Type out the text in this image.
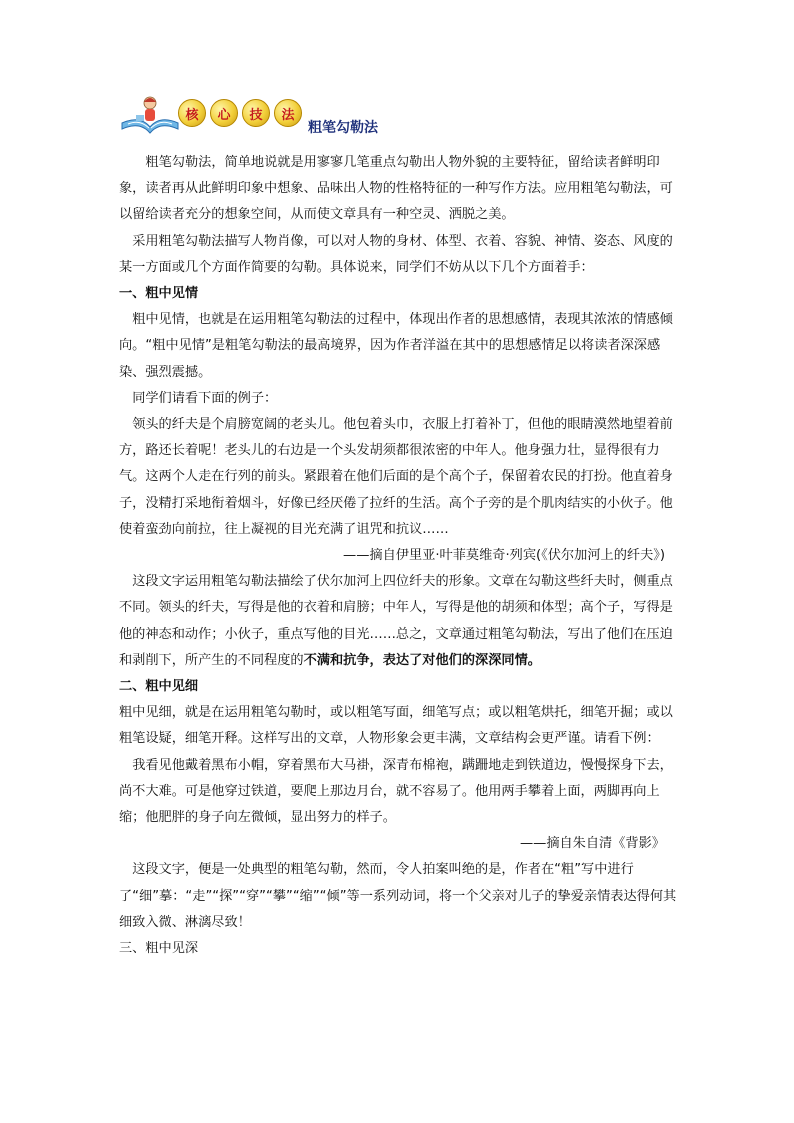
核	心	技	法
粗笔勾勒法

粗笔勾勒法，简单地说就是用寥寥几笔重点勾勒出人物外貌的主要特征，留给读者鲜明印象，读者再从此鲜明印象中想象、品味出人物的性格特征的一种写作方法。应用粗笔勾勒法，可以留给读者充分的想象空间，从而使文章具有一种空灵、洒脱之美。

采用粗笔勾勒法描写人物肖像，可以对人物的身材、体型、衣着、容貌、神情、姿态、风度的某一方面或几个方面作简要的勾勒。具体说来，同学们不妨从以下几个方面着手：

一、粗中见情

粗中见情，也就是在运用粗笔勾勒法的过程中，体现出作者的思想感情，表现其浓浓的情感倾向。“粗中见情”是粗笔勾勒法的最高境界，因为作者洋溢在其中的思想感情足以将读者深深感染、强烈震撼。

同学们请看下面的例子：

领头的纤夫是个肩膀宽阔的老头儿。他包着头巾，衣服上打着补丁，但他的眼睛漠然地望着前方，路还长着呢！老头儿的右边是一个头发胡须都很浓密的中年人。他身强力壮，显得很有力气。这两个人走在行列的前头。紧跟着在他们后面的是个高个子，保留着农民的打扮。他直着身子，没精打采地衔着烟斗，好像已经厌倦了拉纤的生活。高个子旁的是个肌肉结实的小伙子。他使着蛮劲向前拉，往上凝视的目光充满了诅咒和抗议……

——摘自伊里亚·叶菲莫维奇·列宾(《伏尔加河上的纤夫》)

这段文字运用粗笔勾勒法描绘了伏尔加河上四位纤夫的形象。文章在勾勒这些纤夫时，侧重点不同。领头的纤夫，写得是他的衣着和肩膀；中年人，写得是他的胡须和体型；高个子，写得是他的神态和动作；小伙子，重点写他的目光……总之，文章通过粗笔勾勒法，写出了他们在压迫和剥削下，所产生的不同程度的不满和抗争，表达了对他们的深深同情。

二、粗中见细

粗中见细，就是在运用粗笔勾勒时，或以粗笔写面，细笔写点；或以粗笔烘托，细笔开掘；或以粗笔设疑，细笔开释。这样写出的文章，人物形象会更丰满，文章结构会更严谨。请看下例：

我看见他戴着黑布小帽，穿着黑布大马褂，深青布棉袍，蹒跚地走到铁道边，慢慢探身下去，尚不大难。可是他穿过铁道，要爬上那边月台，就不容易了。他用两手攀着上面，两脚再向上缩；他肥胖的身子向左微倾，显出努力的样子。

——摘自朱自清《背影》

这段文字，便是一处典型的粗笔勾勒，然而，令人拍案叫绝的是，作者在“粗”写中进行了“细”摹：“走”“探”“穿”“攀”“缩”“倾”等一系列动词，将一个父亲对儿子的挚爱亲情表达得何其细致入微、淋漓尽致！

三、粗中见深
